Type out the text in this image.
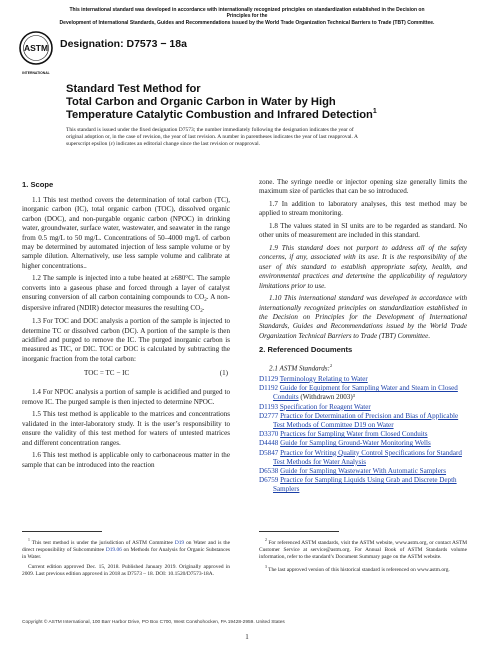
This international standard was developed in accordance with internationally recognized principles on standardization established in the Decision on Principles for the
Development of International Standards, Guides and Recommendations issued by the World Trade Organization Technical Barriers to Trade (TBT) Committee.
ASTM
INTERNATIONAL
Designation: D7573 − 18a
Standard Test Method for
Total Carbon and Organic Carbon in Water by High
Temperature Catalytic Combustion and Infrared Detection$^1$
This standard is issued under the fixed designation D7573; the number immediately following the designation indicates the year of
original adoption or, in the case of revision, the year of last revision. A number in parentheses indicates the year of last reapproval. A
superscript epsilon (ε) indicates an editorial change since the last revision or reapproval.
1. Scope

1.1 This test method covers the determination of total carbon (TC), inorganic carbon (IC), total organic carbon (TOC), dissolved organic carbon (DOC), and non-purgable organic carbon (NPOC) in drinking water, groundwater, surface water, wastewater, and seawater in the range from 0.5 mg/L to 50 mg/L. Concentrations of 50–4000 mg/L of carbon may be determined by automated injection of less sample volume or by sample dilution. Alternatively, use less sample volume and calibrate at higher concentrations..

1.2 The sample is injected into a tube heated at ≥680°C. The sample converts into a gaseous phase and forced through a layer of catalyst ensuring conversion of all carbon containing compounds to $CO_2$. A non-dispersive infrared (NDIR) detector measures the resulting $CO_2$.

1.3 For TOC and DOC analysis a portion of the sample is injected to determine TC or dissolved carbon (DC). A portion of the sample is then acidified and purged to remove the IC. The purged inorganic carbon is measured as TIC, or DIC. TOC or DOC is calculated by subtracting the inorganic fraction from the total carbon:

TOC = TC − IC	(1)

1.4 For NPOC analysis a portion of sample is acidified and purged to remove IC. The purged sample is then injected to determine NPOC.

1.5 This test method is applicable to the matrices and concentrations validated in the inter-laboratory study. It is the user’s responsibility to ensure the validity of this test method for waters of untested matrices and different concentration ranges.

1.6 This test method is applicable only to carbonaceous matter in the sample that can be introduced into the reaction

zone. The syringe needle or injector opening size generally limits the maximum size of particles that can be so introduced.

1.7 In addition to laboratory analyses, this test method may be applied to stream monitoring.

1.8 The values stated in SI units are to be regarded as standard. No other units of measurement are included in this standard.

1.9 This standard does not purport to address all of the safety concerns, if any, associated with its use. It is the responsibility of the user of this standard to establish appropriate safety, health, and environmental practices and determine the applicability of regulatory limitations prior to use.

1.10 This international standard was developed in accordance with internationally recognized principles on standardization established in the Decision on Principles for the Development of International Standards, Guides and Recommendations issued by the World Trade Organization Technical Barriers to Trade (TBT) Committee.

2. Referenced Documents
2.1 ASTM Standards:$^2$
D1129 Terminology Relating to Water
D1192 Guide for Equipment for Sampling Water and Steam in Closed Conduits (Withdrawn 2003)³
D1193 Specification for Reagent Water
D2777 Practice for Determination of Precision and Bias of Applicable Test Methods of Committee D19 on Water
D3370 Practices for Sampling Water from Closed Conduits
D4448 Guide for Sampling Ground-Water Monitoring Wells
D5847 Practice for Writing Quality Control Specifications for Standard Test Methods for Water Analysis
D6538 Guide for Sampling Wastewater With Automatic Samplers
D6759 Practice for Sampling Liquids Using Grab and Discrete Depth Samplers

$^1$ This test method is under the jurisdiction of ASTM Committee D19 on Water and is the direct responsibility of Subcommittee D19.06 on Methods for Analysis for Organic Substances in Water.

Current edition approved Dec. 15, 2018. Published January 2019. Originally approved in 2009. Last previous edition approved in 2018 as D7573 – 18. DOI: 10.1520/D7573-18A.

$^2$ For referenced ASTM standards, visit the ASTM website, www.astm.org, or contact ASTM Customer Service at service@astm.org. For Annual Book of ASTM Standards volume information, refer to the standard’s Document Summary page on the ASTM website.

$^3$ The last approved version of this historical standard is referenced on www.astm.org.

Copyright © ASTM International, 100 Barr Harbor Drive, PO Box C700, West Conshohocken, PA 19428-2959. United States
1
